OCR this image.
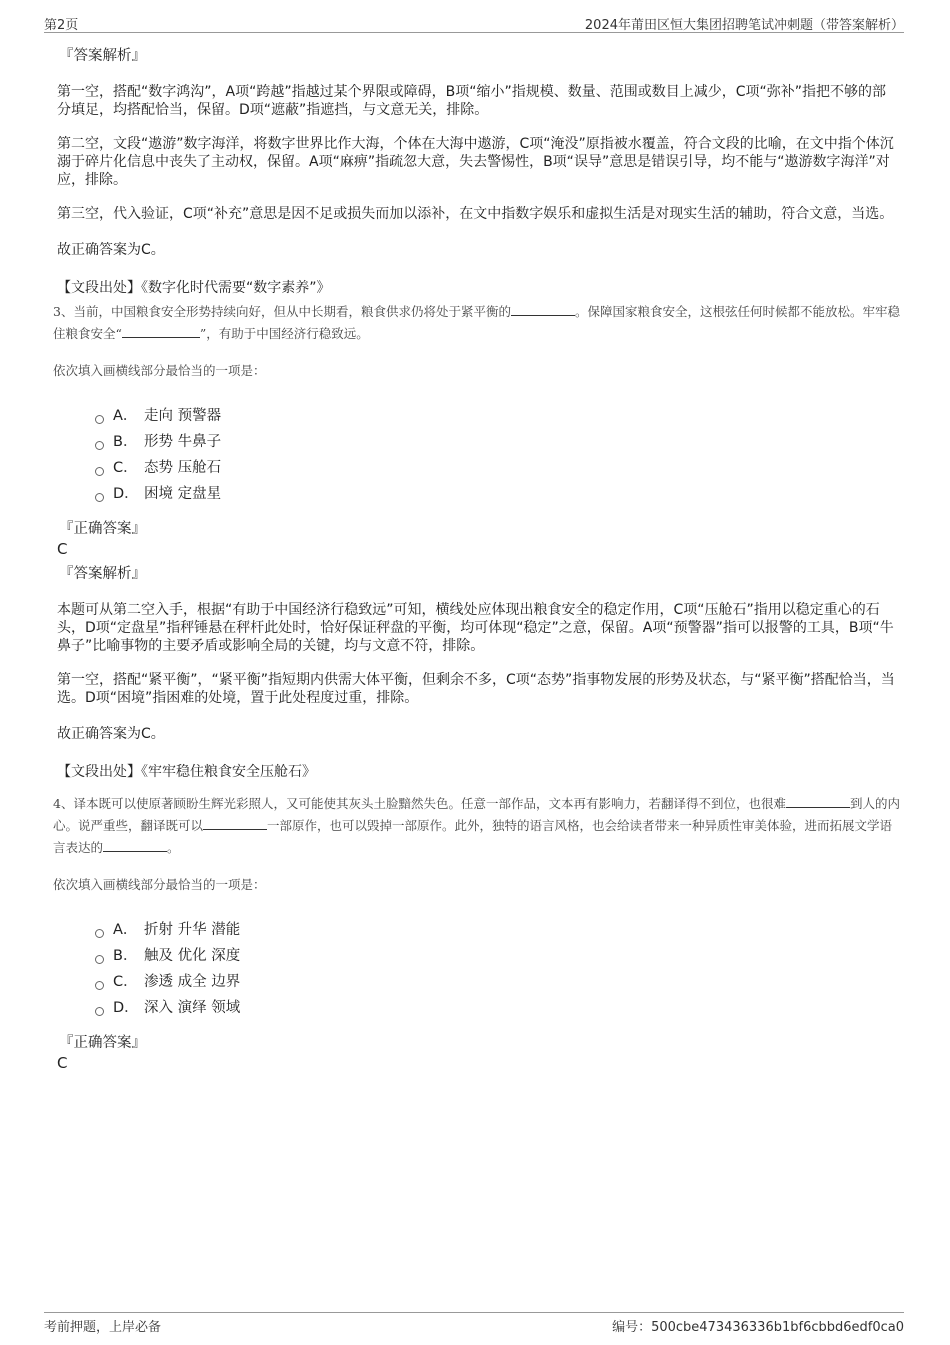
第2页	2024年莆田区恒大集团招聘笔试冲刺题（带答案解析）
『答案解析』
第一空，搭配“数字鸿沟”，A项“跨越”指越过某个界限或障碍，B项“缩小”指规模、数量、范围或数目上减少，C项“弥补”指把不够的部分填足，均搭配恰当，保留。D项“遮蔽”指遮挡，与文意无关，排除。
第二空，文段“遨游”数字海洋，将数字世界比作大海，个体在大海中遨游，C项“淹没”原指被水覆盖，符合文段的比喻，在文中指个体沉溺于碎片化信息中丧失了主动权，保留。A项“麻痹”指疏忽大意，失去警惕性，B项“误导”意思是错误引导，均不能与“遨游数字海洋”对应，排除。
第三空，代入验证，C项“补充”意思是因不足或损失而加以添补，在文中指数字娱乐和虚拟生活是对现实生活的辅助，符合文意，当选。
故正确答案为C。
【文段出处】《数字化时代需要“数字素养”》
3、当前，中国粮食安全形势持续向好，但从中长期看，粮食供求仍将处于紧平衡的	。保障国家粮食安全，这根弦任何时候都不能放松。牢牢稳住粮食安全“	”，有助于中国经济行稳致远。
依次填入画横线部分最恰当的一项是：
A． 走向 预警器
B． 形势 牛鼻子
C． 态势 压舱石
D． 困境 定盘星
『正确答案』
C
『答案解析』
本题可从第二空入手，根据“有助于中国经济行稳致远”可知，横线处应体现出粮食安全的稳定作用，C项“压舱石”指用以稳定重心的石头，D项“定盘星”指秤锤悬在秤杆此处时，恰好保证秤盘的平衡，均可体现“稳定”之意，保留。A项“预警器”指可以报警的工具，B项“牛鼻子”比喻事物的主要矛盾或影响全局的关键，均与文意不符，排除。
第一空，搭配“紧平衡”，“紧平衡”指短期内供需大体平衡，但剩余不多，C项“态势”指事物发展的形势及状态，与“紧平衡”搭配恰当，当选。D项“困境”指困难的处境，置于此处程度过重，排除。
故正确答案为C。
【文段出处】《牢牢稳住粮食安全压舱石》
4、译本既可以使原著顾盼生辉光彩照人，又可能使其灰头土脸黯然失色。任意一部作品，文本再有影响力，若翻译得不到位，也很难	到人的内心。说严重些，翻译既可以	一部原作，也可以毁掉一部原作。此外，独特的语言风格，也会给读者带来一种异质性审美体验，进而拓展文学语言表达的	。
依次填入画横线部分最恰当的一项是：
A． 折射 升华 潜能
B． 触及 优化 深度
C． 渗透 成全 边界
D． 深入 演绎 领域
『正确答案』
C
考前押题，上岸必备	编号：500cbe473436336b1bf6cbbd6edf0ca0
